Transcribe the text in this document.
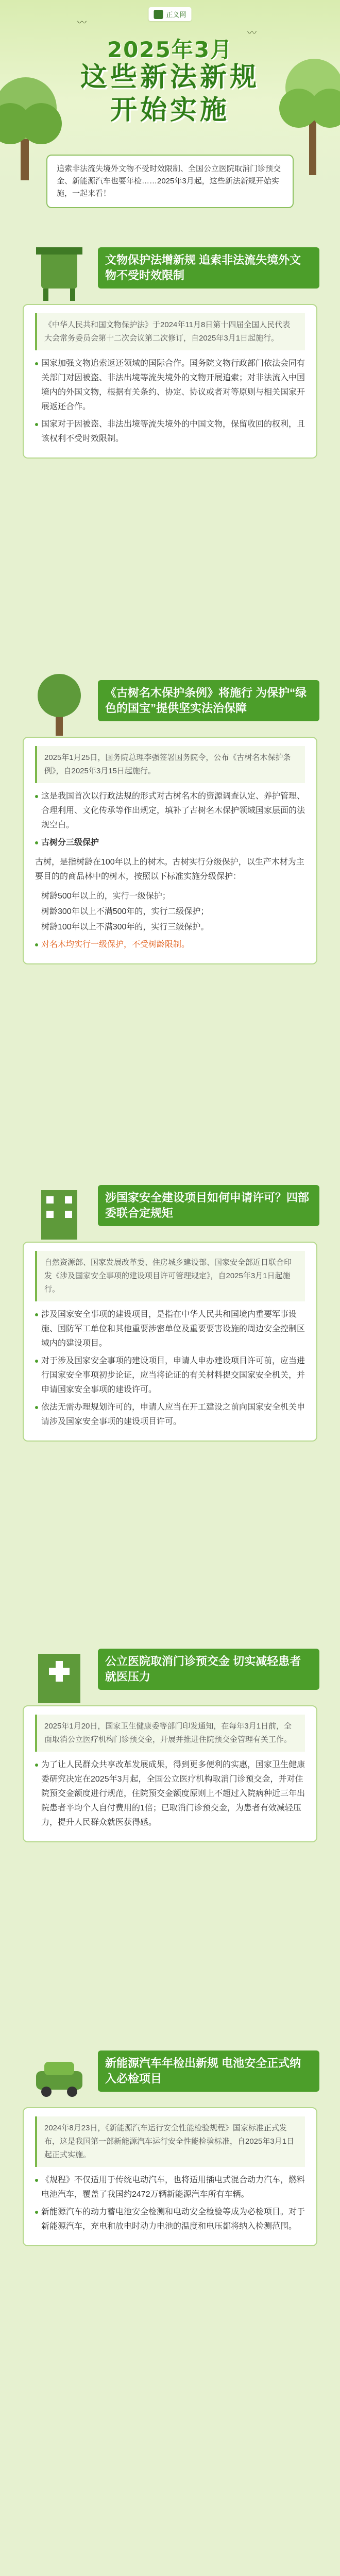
正义网
〰
〰
2025年3月
这些新法新规
开始实施
追索非法流失境外文物不受时效限制、全国公立医院取消门诊预交金、新能源汽车也要年检……2025年3月起，这些新法新规开始实施，一起来看！
文物保护法增新规 追索非法流失境外文物不受时效限制
《中华人民共和国文物保护法》于2024年11月8日第十四届全国人民代表大会常务委员会第十二次会议第二次修订，自2025年3月1日起施行。
国家加强文物追索返还领域的国际合作。国务院文物行政部门依法会同有关部门对因被盗、非法出境等流失境外的文物开展追索；对非法流入中国境内的外国文物，根据有关条约、协定、协议或者对等原则与相关国家开展返还合作。
国家对于因被盗、非法出境等流失境外的中国文物，保留收回的权利，且该权利不受时效限制。
《古树名木保护条例》将施行 为保护“绿色的国宝”提供坚实法治保障
2025年1月25日，国务院总理李强签署国务院令，公布《古树名木保护条例》，自2025年3月15日起施行。
这是我国首次以行政法规的形式对古树名木的资源调查认定、养护管理、合理利用、文化传承等作出规定，填补了古树名木保护领域国家层面的法规空白。
古树分三级保护
古树，是指树龄在100年以上的树木。古树实行分级保护，以生产木材为主要目的的商品林中的树木，按照以下标准实施分级保护：
树龄500年以上的，实行一级保护；
树龄300年以上不满500年的，实行二级保护；
树龄100年以上不满300年的，实行三级保护。
对名木均实行一级保护，不受树龄限制。
涉国家安全建设项目如何申请许可？四部委联合定规矩
自然资源部、国家发展改革委、住房城乡建设部、国家安全部近日联合印发《涉及国家安全事项的建设项目许可管理规定》，自2025年3月1日起施行。
涉及国家安全事项的建设项目，是指在中华人民共和国境内重要军事设施、国防军工单位和其他重要涉密单位及重要要害设施的周边安全控制区域内的建设项目。
对于涉及国家安全事项的建设项目，申请人申办建设项目许可前，应当进行国家安全事项初步论证，应当将论证的有关材料提交国家安全机关，并申请国家安全事项的建设许可。
依法无需办理规划许可的，申请人应当在开工建设之前向国家安全机关申请涉及国家安全事项的建设项目许可。
公立医院取消门诊预交金 切实减轻患者就医压力
2025年1月20日，国家卫生健康委等部门印发通知，在每年3月1日前，全面取消公立医疗机构门诊预交金，开展并推进住院预交金管理有关工作。
为了让人民群众共享改革发展成果，得到更多便利的实惠，国家卫生健康委研究决定在2025年3月起，全国公立医疗机构取消门诊预交金，并对住院预交金额度进行规范，住院预交金额度原则上不超过入院病种近三年出院患者平均个人自付费用的1倍；已取消门诊预交金，为患者有效减轻压力，提升人民群众就医获得感。
新能源汽车年检出新规 电池安全正式纳入必检项目
2024年8月23日，《新能源汽车运行安全性能检验规程》国家标准正式发布，这是我国第一部新能源汽车运行安全性能检验标准，自2025年3月1日起正式实施。
《规程》不仅适用于传统电动汽车，也将适用插电式混合动力汽车，燃料电池汽车，覆盖了我国约2472万辆新能源汽车所有车辆。
新能源汽车的动力蓄电池安全检测和电动安全检验等成为必检项目。对于新能源汽车，充电和放电时动力电池的温度和电压都将纳入检测范围。
